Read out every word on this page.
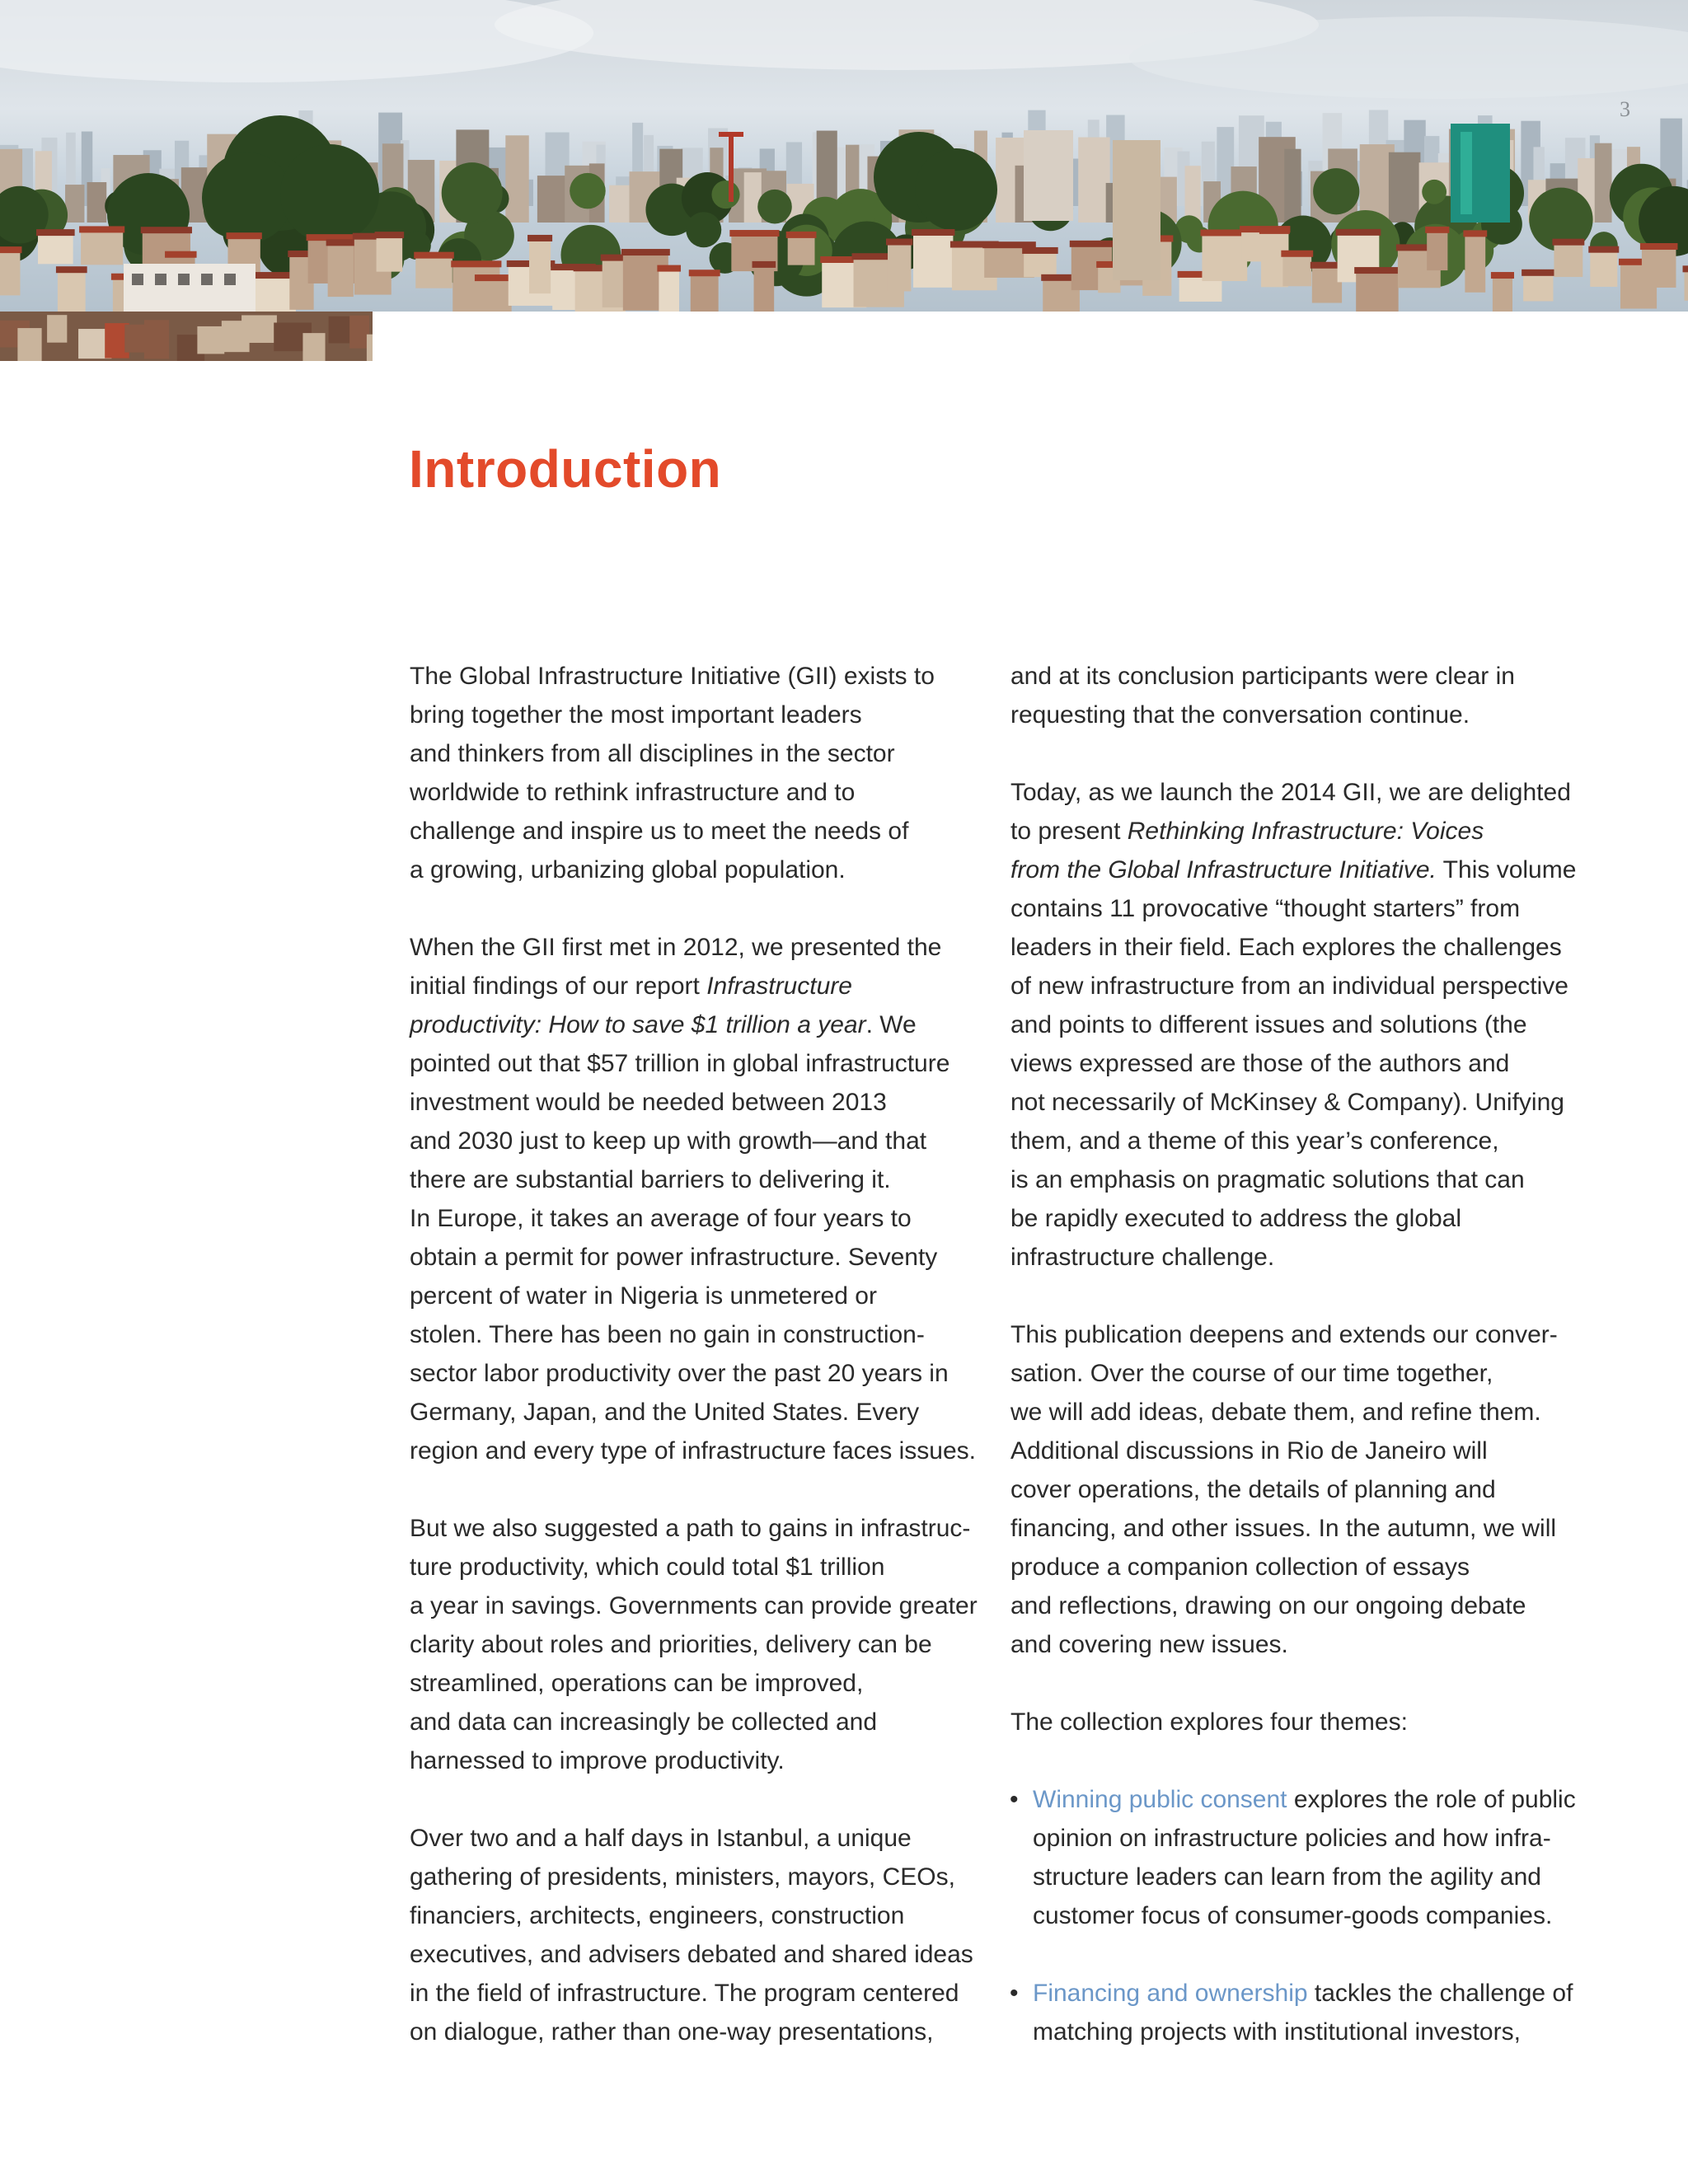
3
Introduction

The Global Infrastructure Initiative (GII) exists to
bring together the most important leaders
and thinkers from all disciplines in the sector
worldwide to rethink infrastructure and to
challenge and inspire us to meet the needs of
a growing, urbanizing global population.

When the GII first met in 2012, we presented the
initial findings of our report Infrastructure
productivity: How to save $1 trillion a year. We
pointed out that $57 trillion in global infrastructure
investment would be needed between 2013
and 2030 just to keep up with growth—and that
there are substantial barriers to delivering it.
In Europe, it takes an average of four years to
obtain a permit for power infrastructure. Seventy
percent of water in Nigeria is unmetered or
stolen. There has been no gain in construction-
sector labor productivity over the past 20 years in
Germany, Japan, and the United States. Every
region and every type of infrastructure faces issues.

But we also suggested a path to gains in infrastruc-
ture productivity, which could total $1 trillion
a year in savings. Governments can provide greater
clarity about roles and priorities, delivery can be
streamlined, operations can be improved,
and data can increasingly be collected and
harnessed to improve productivity.

Over two and a half days in Istanbul, a unique
gathering of presidents, ministers, mayors, CEOs,
financiers, architects, engineers, construction
executives, and advisers debated and shared ideas
in the field of infrastructure. The program centered
on dialogue, rather than one-way presentations,

and at its conclusion participants were clear in
requesting that the conversation continue.

Today, as we launch the 2014 GII, we are delighted
to present Rethinking Infrastructure: Voices
from the Global Infrastructure Initiative. This volume
contains 11 provocative “thought starters” from
leaders in their field. Each explores the challenges
of new infrastructure from an individual perspective
and points to different issues and solutions (the
views expressed are those of the authors and
not necessarily of McKinsey & Company). Unifying
them, and a theme of this year’s conference,
is an emphasis on pragmatic solutions that can
be rapidly executed to address the global
infrastructure challenge.

This publication deepens and extends our conver-
sation. Over the course of our time together,
we will add ideas, debate them, and refine them.
Additional discussions in Rio de Janeiro will
cover operations, the details of planning and
financing, and other issues. In the autumn, we will
produce a companion collection of essays
and reflections, drawing on our ongoing debate
and covering new issues.

The collection explores four themes:

• Winning public consent explores the role of public
opinion on infrastructure policies and how infra-
structure leaders can learn from the agility and
customer focus of consumer-goods companies.
• Financing and ownership tackles the challenge of
matching projects with institutional investors,
